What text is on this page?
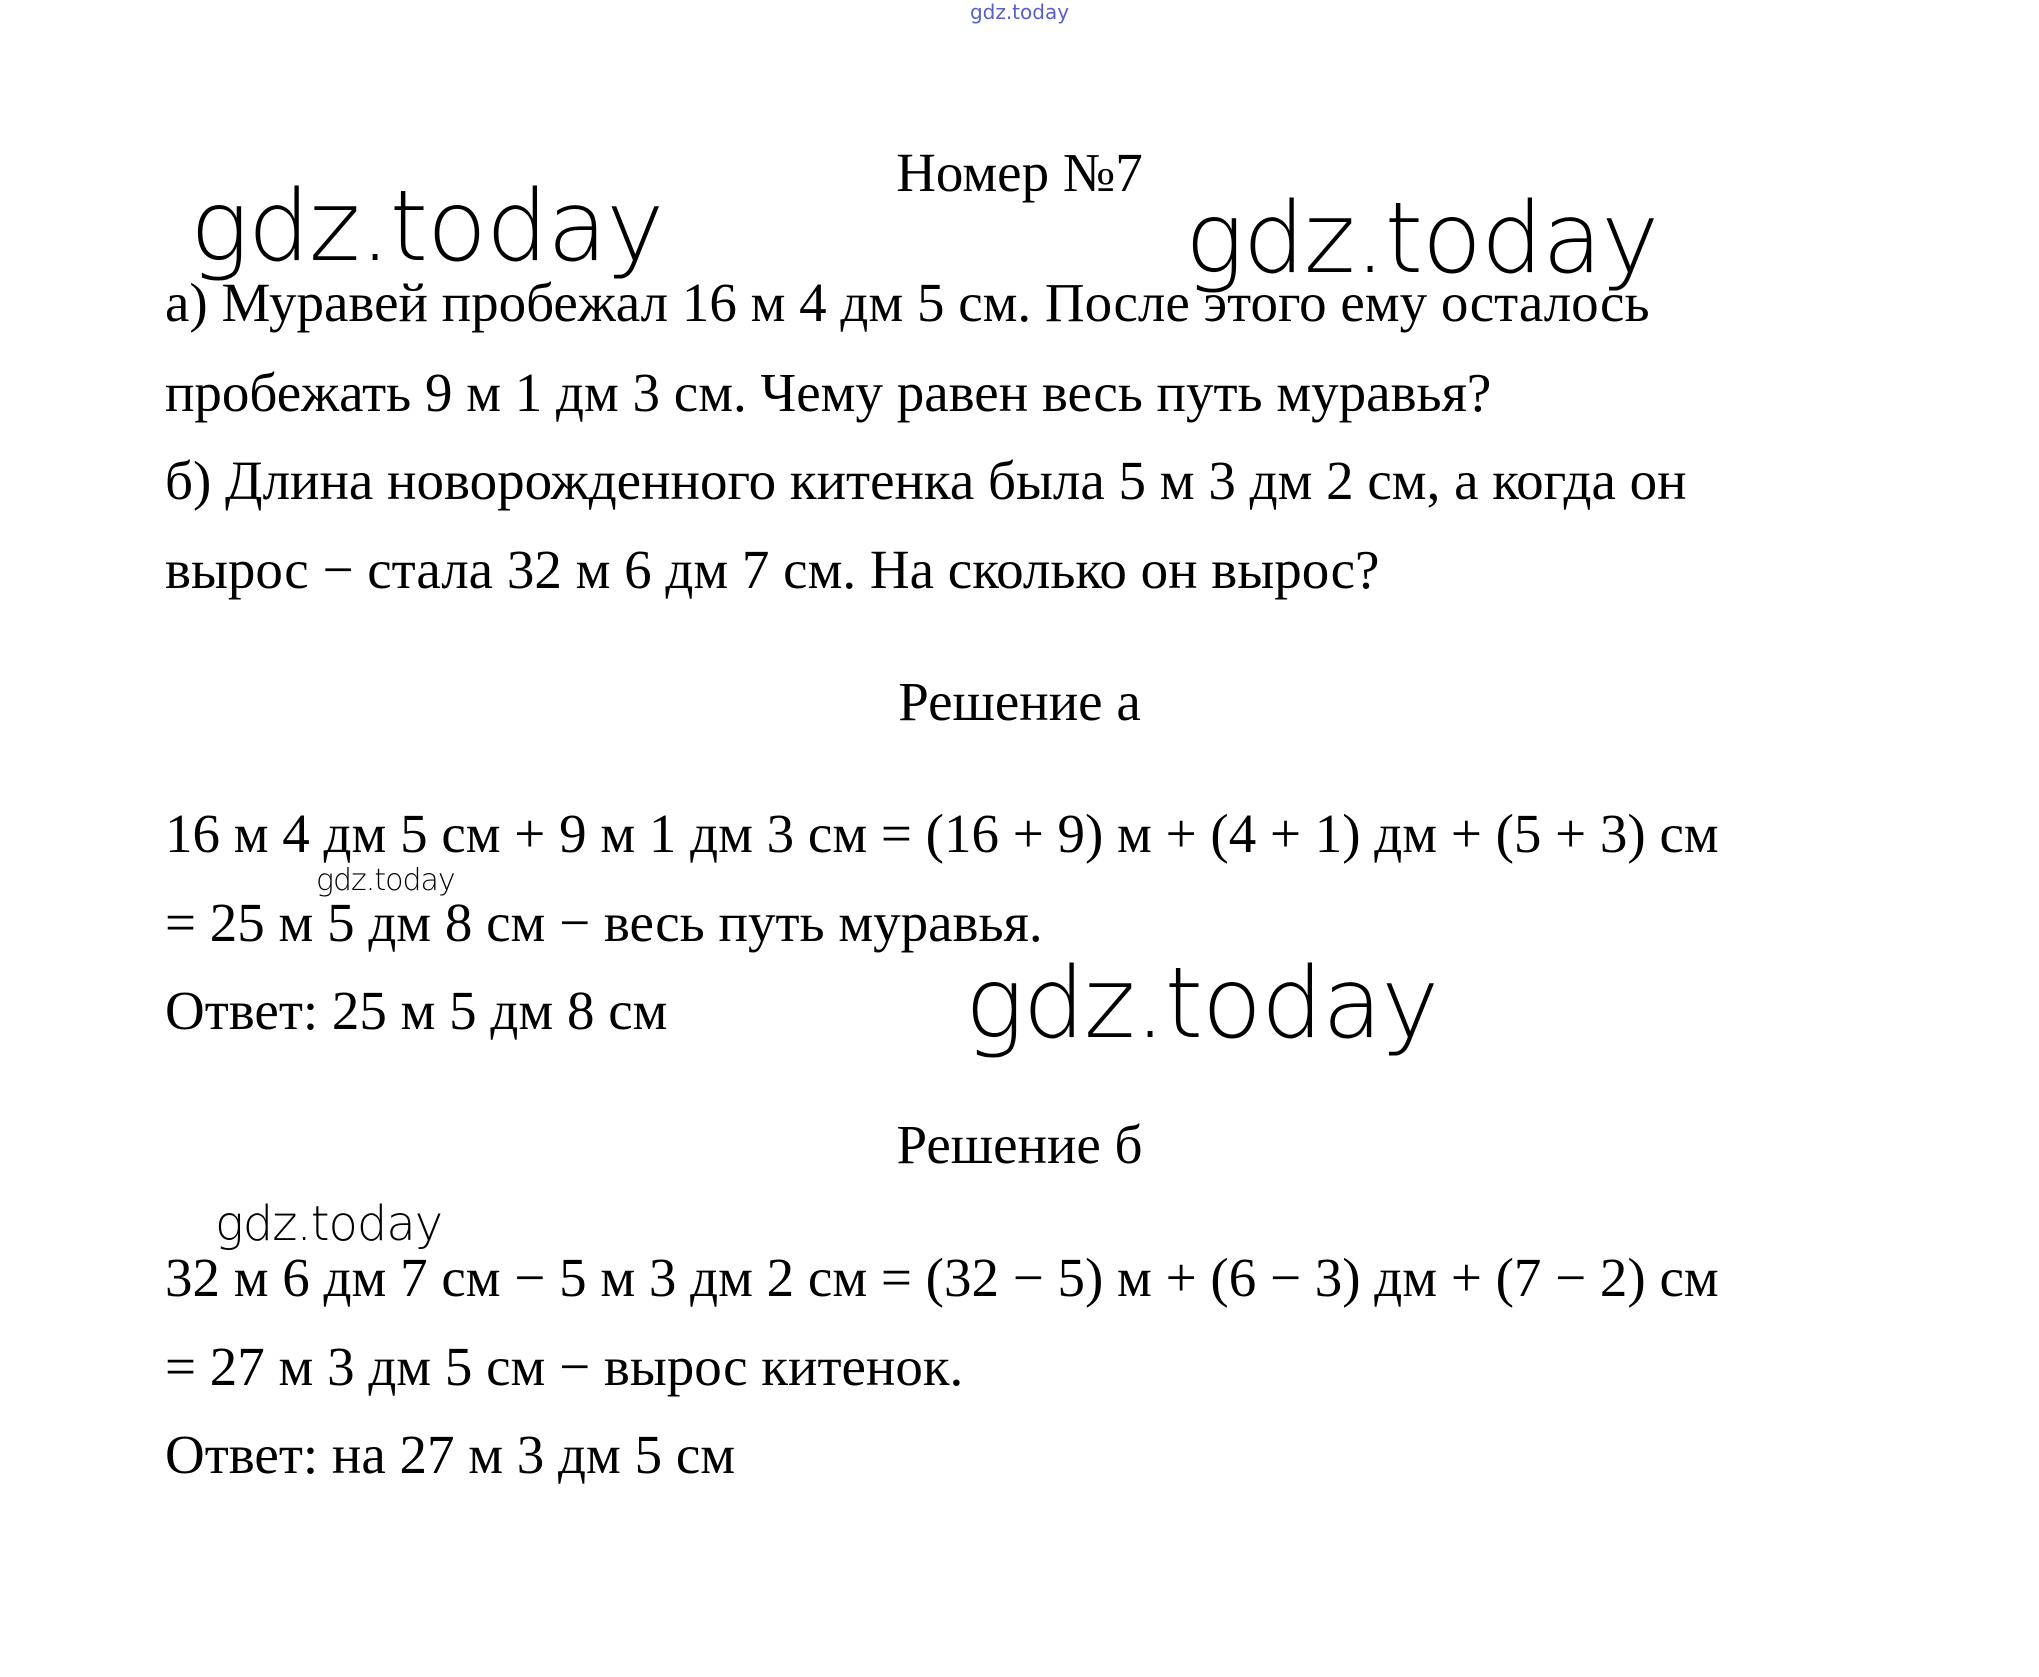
gdz.today
Номер №7
gdz.today	gdz.today
а) Муравей пробежал 16 м 4 дм 5 см. После этого ему осталось
пробежать 9 м 1 дм 3 см. Чему равен весь путь муравья?
б) Длина новорожденного китенка была 5 м 3 дм 2 см, а когда он
вырос − стала 32 м 6 дм 7 см. На сколько он вырос?
Решение а
16 м 4 дм 5 см + 9 м 1 дм 3 см = (16 + 9) м + (4 + 1) дм + (5 + 3) см
gdz.today
= 25 м 5 дм 8 см − весь путь муравья.
Ответ: 25 м 5 дм 8 см	gdz.today
Решение б
gdz.today
32 м 6 дм 7 см − 5 м 3 дм 2 см = (32 − 5) м + (6 − 3) дм + (7 − 2) см
= 27 м 3 дм 5 см − вырос китенок.
Ответ: на 27 м 3 дм 5 см
